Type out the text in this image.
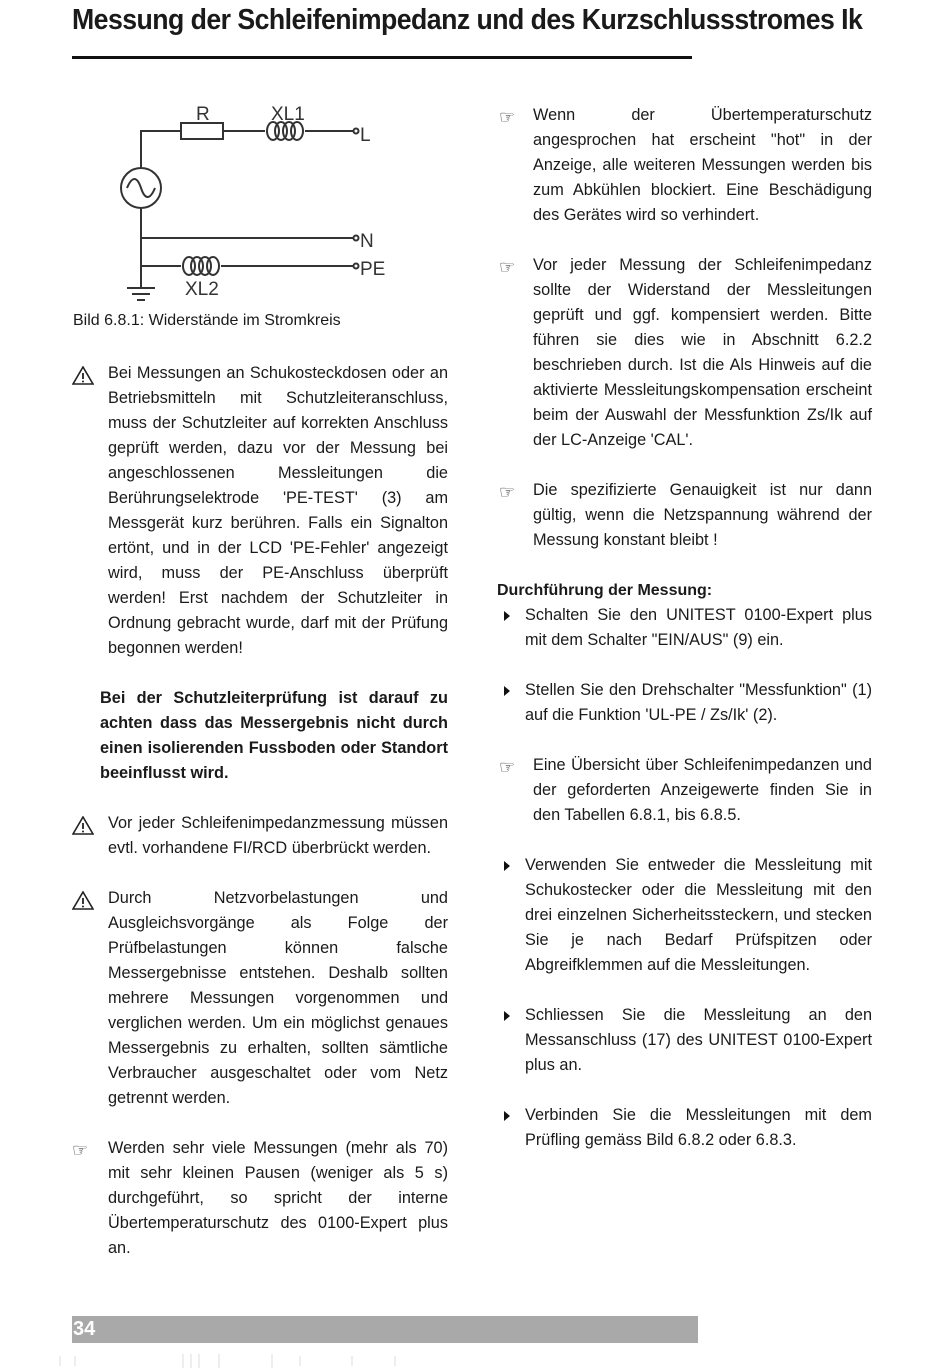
Messung der Schleifenimpedanz und des Kurzschlussstromes Ik
R	XL1
L
N
PE
XL2
Bild 6.8.1: Widerstände im Stromkreis
Bei Messungen an Schukosteckdosen oder an Betriebsmitteln mit Schutzleiteranschluss, muss der Schutzleiter auf korrekten Anschluss geprüft werden, dazu vor der Messung bei angeschlossenen Messleitungen die Berührungselektrode 'PE-TEST' (3) am Messgerät kurz berühren. Falls ein Signalton ertönt, und in der LCD 'PE-Fehler' angezeigt wird, muss der PE-Anschluss überprüft werden! Erst nachdem der Schutzleiter in Ordnung gebracht wurde, darf mit der Prüfung begonnen werden!
Bei der Schutzleiterprüfung ist darauf zu achten dass das Messergebnis nicht durch einen isolierenden Fussboden oder Standort beeinflusst wird.
Vor jeder Schleifenimpedanzmessung müssen evtl. vorhandene FI/RCD überbrückt werden.
Durch Netzvorbelastungen und Ausgleichsvorgänge als Folge der Prüfbelastungen können falsche Messergebnisse entstehen. Deshalb sollten mehrere Messungen vorgenommen und verglichen werden. Um ein möglichst genaues Messergebnis zu erhalten, sollten sämtliche Verbraucher ausgeschaltet oder vom Netz getrennt werden.
☞	Werden sehr viele Messungen (mehr als 70) mit sehr kleinen Pausen (weniger als 5 s) durchgeführt, so spricht der interne Übertemperaturschutz des 0100-Expert plus an.
☞	Wenn der Übertemperaturschutz angesprochen hat erscheint "hot" in der Anzeige, alle weiteren Messungen werden bis zum Abkühlen blockiert. Eine Beschädigung des Gerätes wird so verhindert.
☞	Vor jeder Messung der Schleifenimpedanz sollte der Widerstand der Messleitungen geprüft und ggf. kompensiert werden. Bitte führen sie dies wie in Abschnitt 6.2.2 beschrieben durch. Ist die Als Hinweis auf die aktivierte Messleitungskompensation erscheint beim der Auswahl der Messfunktion Zs/Ik auf der LC-Anzeige 'CAL'.
☞	Die spezifizierte Genauigkeit ist nur dann gültig, wenn die Netzspannung während der Messung konstant bleibt !
Durchführung der Messung:
Schalten Sie den UNITEST 0100-Expert plus mit dem Schalter "EIN/AUS" (9) ein.
Stellen Sie den Drehschalter "Messfunktion" (1) auf die Funktion 'UL-PE / Zs/Ik' (2).
☞	Eine Übersicht über Schleifenimpedanzen und der geforderten Anzeigewerte finden Sie in den Tabellen 6.8.1, bis 6.8.5.
Verwenden Sie entweder die Messleitung mit Schukostecker oder die Messleitung mit den drei einzelnen Sicherheitssteckern, und stecken Sie je nach Bedarf Prüfspitzen oder Abgreifklemmen auf die Messleitungen.
Schliessen Sie die Messleitung an den Messanschluss (17) des UNITEST 0100-Expert plus an.
Verbinden Sie die Messleitungen mit dem Prüfling gemäss Bild 6.8.2 oder 6.8.3.
34
